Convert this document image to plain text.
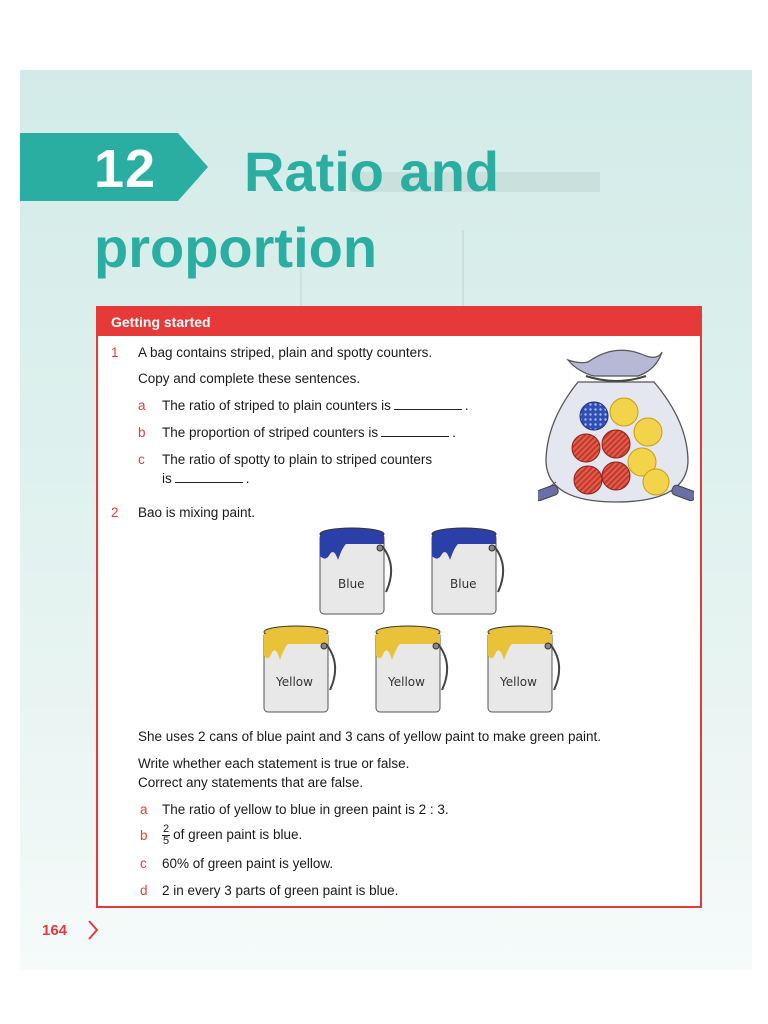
12	Ratio and proportion
Getting started
1 A bag contains striped, plain and spotty counters.
Copy and complete these sentences.
a The ratio of striped to plain counters is	.
b The proportion of striped counters is	.
c The ratio of spotty to plain to striped counters
is	.
2 Bao is mixing paint.
Blue	Blue
Yellow	Yellow	Yellow
She uses 2 cans of blue paint and 3 cans of yellow paint to make green paint.
Write whether each statement is true or false.
Correct any statements that are false.
a The ratio of yellow to blue in green paint is 2 : 3.
b $\frac{2}{5}$ of green paint is blue.
c 60% of green paint is yellow.
d 2 in every 3 parts of green paint is blue.
164
